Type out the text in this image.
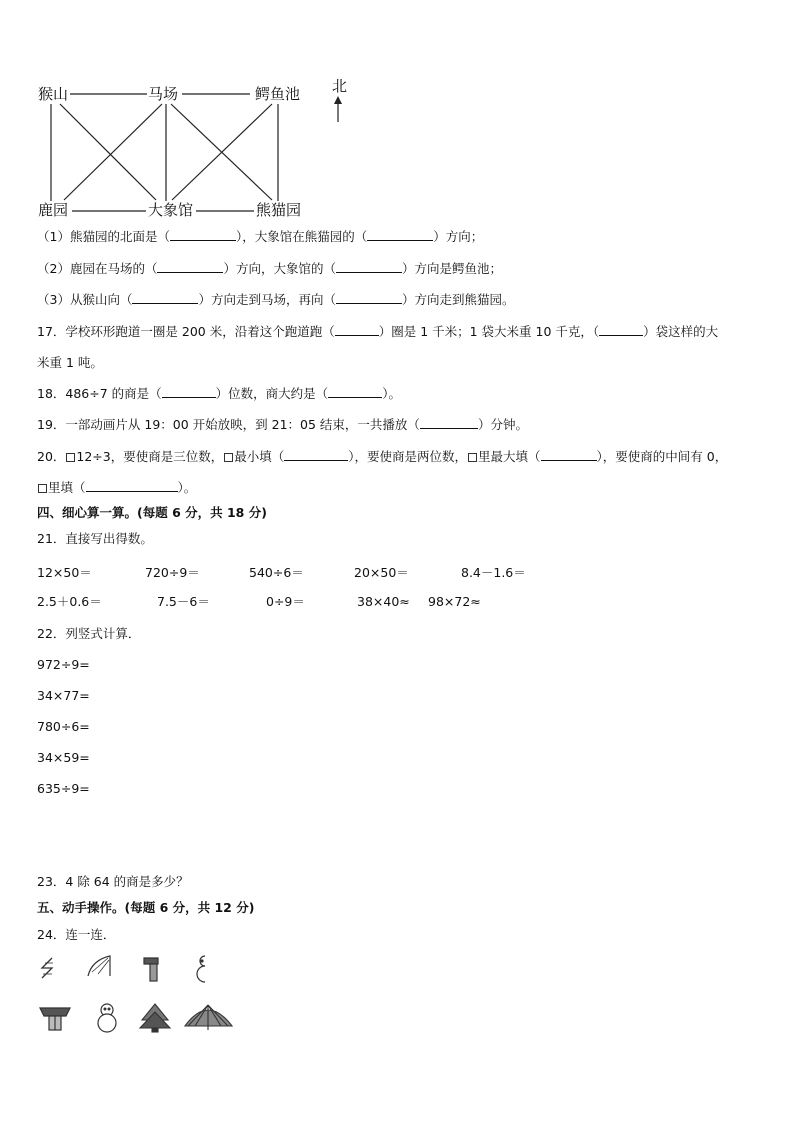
猴山	马场	鳄鱼池
鹿园	大象馆	熊猫园
北
（1）熊猫园的北面是（	），大象馆在熊猫园的（	）方向；
（2）鹿园在马场的（	）方向，大象馆的（	）方向是鳄鱼池；
（3）从猴山向（	）方向走到马场，再向（	）方向走到熊猫园。
17．学校环形跑道一圈是 200 米，沿着这个跑道跑（	）圈是 1 千米；1 袋大米重 10 千克，（	）袋这样的大
米重 1 吨。
18．486÷7 的商是（	）位数，商大约是（	）。
19．一部动画片从 19：00 开始放映，到 21：05 结束，一共播放（	）分钟。
20． 12÷3，要使商是三位数， 最小填（	），要使商是两位数， 里最大填（	），要使商的中间有 0，
里填（	）。
四、细心算一算。(每题 6 分，共 18 分)
21．直接写出得数。
12×50＝	720÷9＝	540÷6＝	20×50＝	8.4－1.6＝
2.5＋0.6＝	7.5－6＝	0÷9＝	38×40≈ 98×72≈
22．列竖式计算．
972÷9=
34×77=
780÷6=
34×59=
635÷9=
23．4 除 64 的商是多少？
五、动手操作。(每题 6 分，共 12 分)
24．连一连．
